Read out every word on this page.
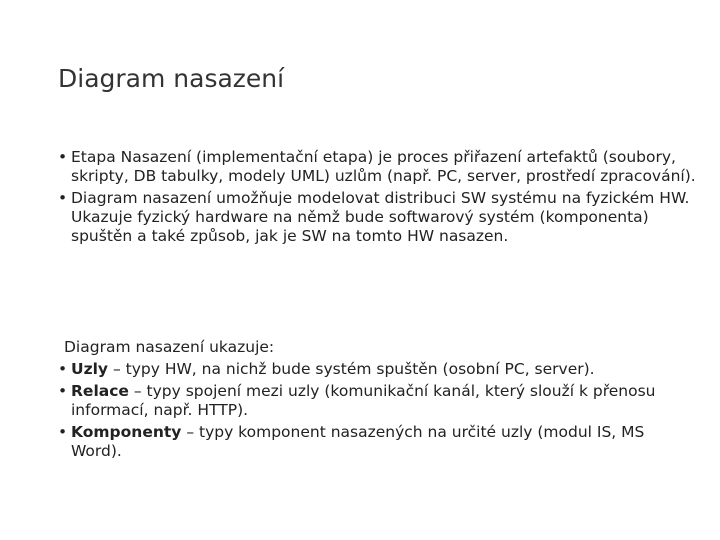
Diagram nasazení
• Etapa Nasazení (implementační etapa) je proces přiřazení artefaktů (soubory, skripty, DB tabulky, modely UML) uzlům (např. PC, server, prostředí zpracování).
• Diagram nasazení umožňuje modelovat distribuci SW systému na fyzickém HW. Ukazuje fyzický hardware na němž bude softwarový systém (komponenta) spuštěn a také způsob, jak je SW na tomto HW nasazen.
Diagram nasazení ukazuje:
• Uzly – typy HW, na nichž bude systém spuštěn (osobní PC, server).
• Relace – typy spojení mezi uzly (komunikační kanál, který slouží k přenosu informací, např. HTTP).
• Komponenty – typy komponent nasazených na určité uzly (modul IS, MS Word).
